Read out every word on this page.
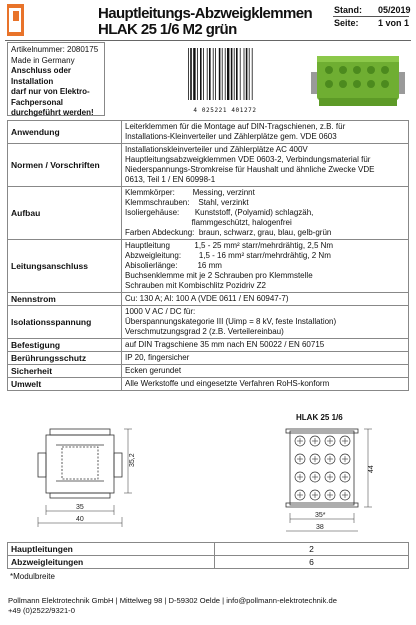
Hauptleitungs-Abzweigklemmen
HLAK 25 1/6 M2 grün
Stand: 05/2019
Seite: 1 von 1
Artikelnummer: 2080175
Made in Germany
Anschluss oder Installation
darf nur von Elektro-
Fachpersonal
durchgeführt werden!	4 025221 401272
Anwendung	Leiterklemmen für die Montage auf DIN-Tragschienen, z.B. für
Installations-Kleinverteiler und Zählerplätze gem. VDE 0603

Normen / Vorschriften	Installationskleinverteiler und Zählerplätze AC 400V
Hauptleitungsabzweigklemmen VDE 0603-2, Verbindungsmaterial für
Niederspannungs-Stromkreise für Haushalt und ähnliche Zwecke VDE
0613, Teil 1 / EN 60998-1

Aufbau	Klemmkörper:        Messing, verzinnt
Klemmschrauben:    Stahl, verzinkt
Isoliergehäuse:       Kunststoff, (Polyamid) schlagzäh,
flammgeschützt, halogenfrei
Farben Abdeckung:  braun, schwarz, grau, blau, gelb-grün

Leitungsanschluss	Hauptleitung           1,5 - 25 mm² starr/mehrdrähtig, 2,5 Nm
Abzweigleitung:        1,5 - 16 mm² starr/mehrdrähtig, 2 Nm
Abisolierlänge:         16 mm
Buchsenklemme mit je 2 Schrauben pro Klemmstelle
Schrauben mit Kombischlitz Pozidriv Z2

Nennstrom	Cu: 130 A; Al: 100 A (VDE 0611 / EN 60947-7)

Isolationsspannung	1000 V AC / DC für:
Überspannungskategorie III (Uimp = 8 kV, feste Installation)
Verschmutzungsgrad 2 (z.B. Verteilereinbau)

Befestigung	auf DIN Tragschiene 35 mm nach EN 50022 / EN 60715

Berührungsschutz	IP 20, fingersicher

Sicherheit	Ecken gerundet

Umwelt	Alle Werkstoffe und eingesetzte Verfahren RoHS-konform
HLAK 25 1/6
35,2
35
40
44
35*
38
Hauptleitungen	2
Abzweigleitungen	6
*Modulbreite
Pollmann Elektrotechnik GmbH | Mittelweg 98 | D-59302 Oelde | info@pollmann-elektrotechnik.de
+49 (0)2522/9321-0
